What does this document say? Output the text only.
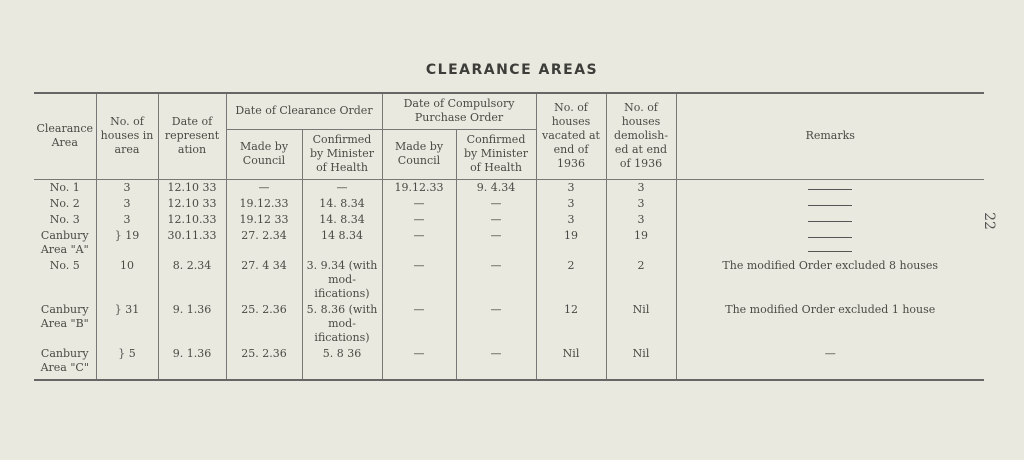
CLEARANCE AREAS
22
Clearance Area	No. of houses in area	Date of represent ation	Date of Clearance Order		Date of Compulsory Purchase Order		No. of houses vacated at end of 1936	No. of houses demolish- ed at end of 1936	Remarks
			Made by Council	Confirmed by Minister of Health	Made by Council	Confirmed by Minister of Health			
No. 1	3	12.10 33	—	—	19.12.33	9. 4.34	3	3	
No. 2	3	12.10 33	19.12.33	14. 8.34	—	—	3	3	
No. 3	3	12.10.33	19.12 33	14. 8.34	—	—	3	3	
Canbury Area "A"	} 19	30.11.33	27. 2.34	14 8.34	—	—	19	19	

No. 5	10	8. 2.34	27. 4 34	3. 9.34 (with mod- ifications)	—	—	2	2	The modified Order excluded 8 houses
Canbury Area "B"	} 31	9. 1.36	25. 2.36	5. 8.36 (with mod- ifications)	—	—	12	Nil	The modified Order excluded 1 house
Canbury Area "C"	} 5	9. 1.36	25. 2.36	5. 8 36	—	—	Nil	Nil	—
